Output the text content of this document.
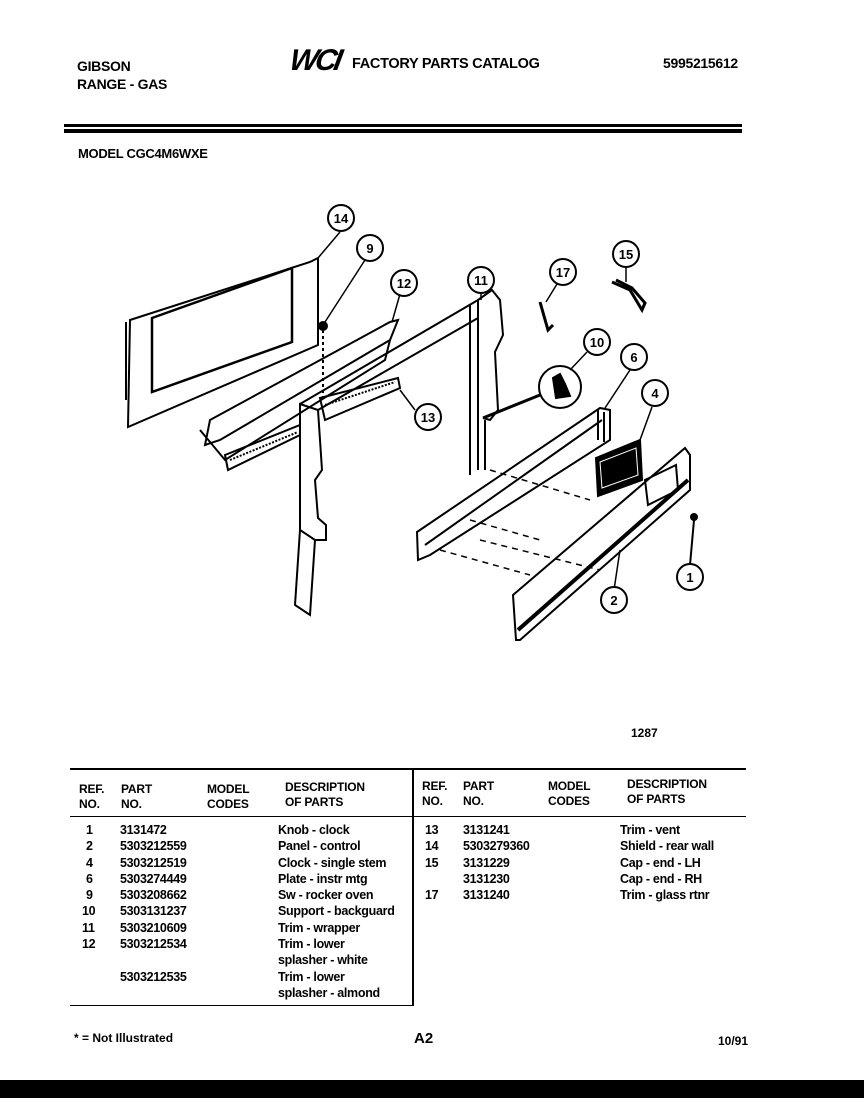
GIBSON
RANGE - GAS
WCI FACTORY PARTS CATALOG	5995215612
MODEL CGC4M6WXE
14
9
12	11
17
15
10
6
4
13
1
2
1287
REF.
NO.
PART
NO.
MODEL
CODES
DESCRIPTION
OF PARTS
REF.
NO.
PART
NO.
MODEL
CODES
DESCRIPTION
OF PARTS
1 3131472	Knob - clock
2 5303212559	Panel - control
4 5303212519	Clock - single stem
6 5303274449	Plate - instr mtg
9 5303208662	Sw - rocker oven
10 5303131237	Support - backguard
11 5303210609	Trim - wrapper
12 5303212534	Trim - lower
splasher - white
5303212535	Trim - lower
splasher - almond
13 3131241	Trim - vent
14 5303279360	Shield - rear wall
15 3131229	Cap - end - LH
3131230	Cap - end - RH
17 3131240	Trim - glass rtnr
* = Not Illustrated	A2	10/91
